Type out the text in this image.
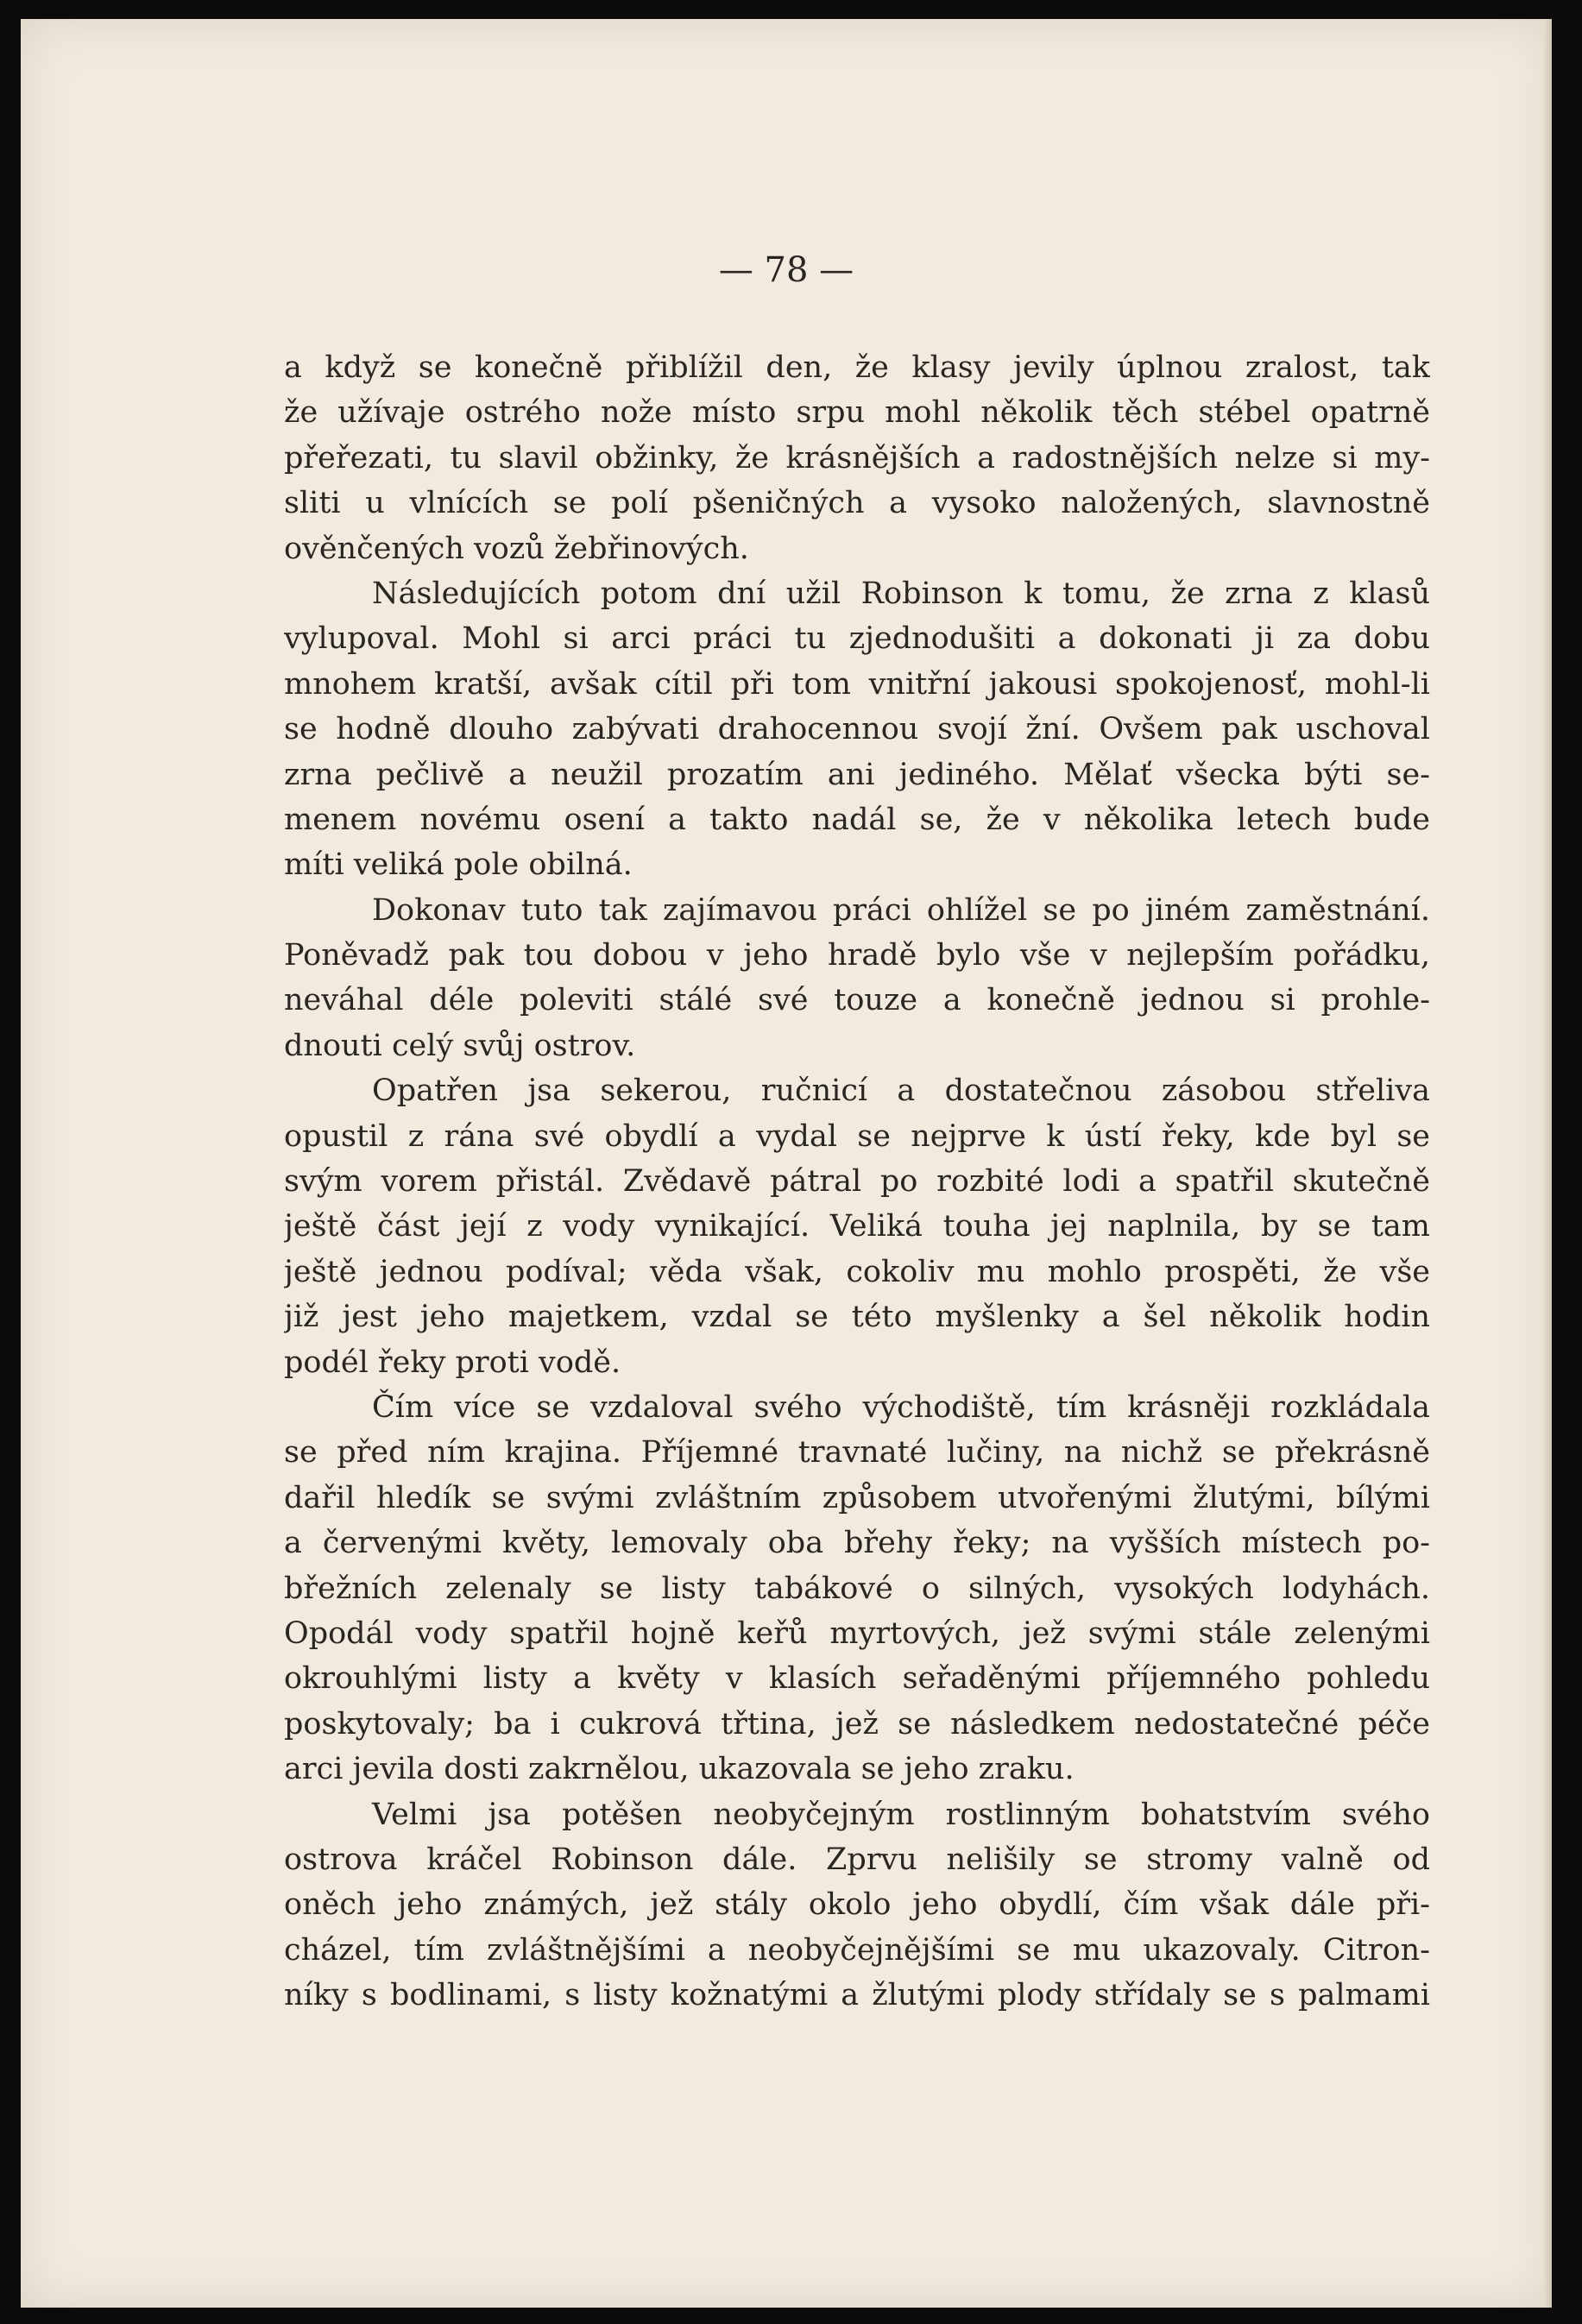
— 78 —

a když se konečně přiblížil den, že klasy jevily úplnou zralost, tak
že užívaje ostrého nože místo srpu mohl několik těch stébel opatrně
přeřezati, tu slavil obžinky, že krásnějších a radostnějších nelze si my-
sliti u vlnících se polí pšeničných a vysoko naložených, slavnostně
ověnčených vozů žebřinových.
Následujících potom dní užil Robinson k tomu, že zrna z klasů
vylupoval. Mohl si arci práci tu zjednodušiti a dokonati ji za dobu
mnohem kratší, avšak cítil při tom vnitřní jakousi spokojenosť, mohl-li
se hodně dlouho zabývati drahocennou svojí žní. Ovšem pak uschoval
zrna pečlivě a neužil prozatím ani jediného. Mělať všecka býti se-
menem novému osení a takto nadál se, že v několika letech bude
míti veliká pole obilná.
Dokonav tuto tak zajímavou práci ohlížel se po jiném zaměstnání.
Poněvadž pak tou dobou v jeho hradě bylo vše v nejlepším pořádku,
neváhal déle poleviti stálé své touze a konečně jednou si prohle-
dnouti celý svůj ostrov.
Opatřen jsa sekerou, ručnicí a dostatečnou zásobou střeliva
opustil z rána své obydlí a vydal se nejprve k ústí řeky, kde byl se
svým vorem přistál. Zvědavě pátral po rozbité lodi a spatřil skutečně
ještě část její z vody vynikající. Veliká touha jej naplnila, by se tam
ještě jednou podíval; věda však, cokoliv mu mohlo prospěti, že vše
již jest jeho majetkem, vzdal se této myšlenky a šel několik hodin
podél řeky proti vodě.
Čím více se vzdaloval svého východiště, tím krásněji rozkládala
se před ním krajina. Příjemné travnaté lučiny, na nichž se překrásně
dařil hledík se svými zvláštním způsobem utvořenými žlutými, bílými
a červenými květy, lemovaly oba břehy řeky; na vyšších místech po-
břežních zelenaly se listy tabákové o silných, vysokých lodyhách.
Opodál vody spatřil hojně keřů myrtových, jež svými stále zelenými
okrouhlými listy a květy v klasích seřaděnými příjemného pohledu
poskytovaly; ba i cukrová třtina, jež se následkem nedostatečné péče
arci jevila dosti zakrnělou, ukazovala se jeho zraku.
Velmi jsa potěšen neobyčejným rostlinným bohatstvím svého
ostrova kráčel Robinson dále. Zprvu nelišily se stromy valně od
oněch jeho známých, jež stály okolo jeho obydlí, čím však dále při-
cházel, tím zvláštnějšími a neobyčejnějšími se mu ukazovaly. Citron-
níky s bodlinami, s listy kožnatými a žlutými plody střídaly se s palmami
